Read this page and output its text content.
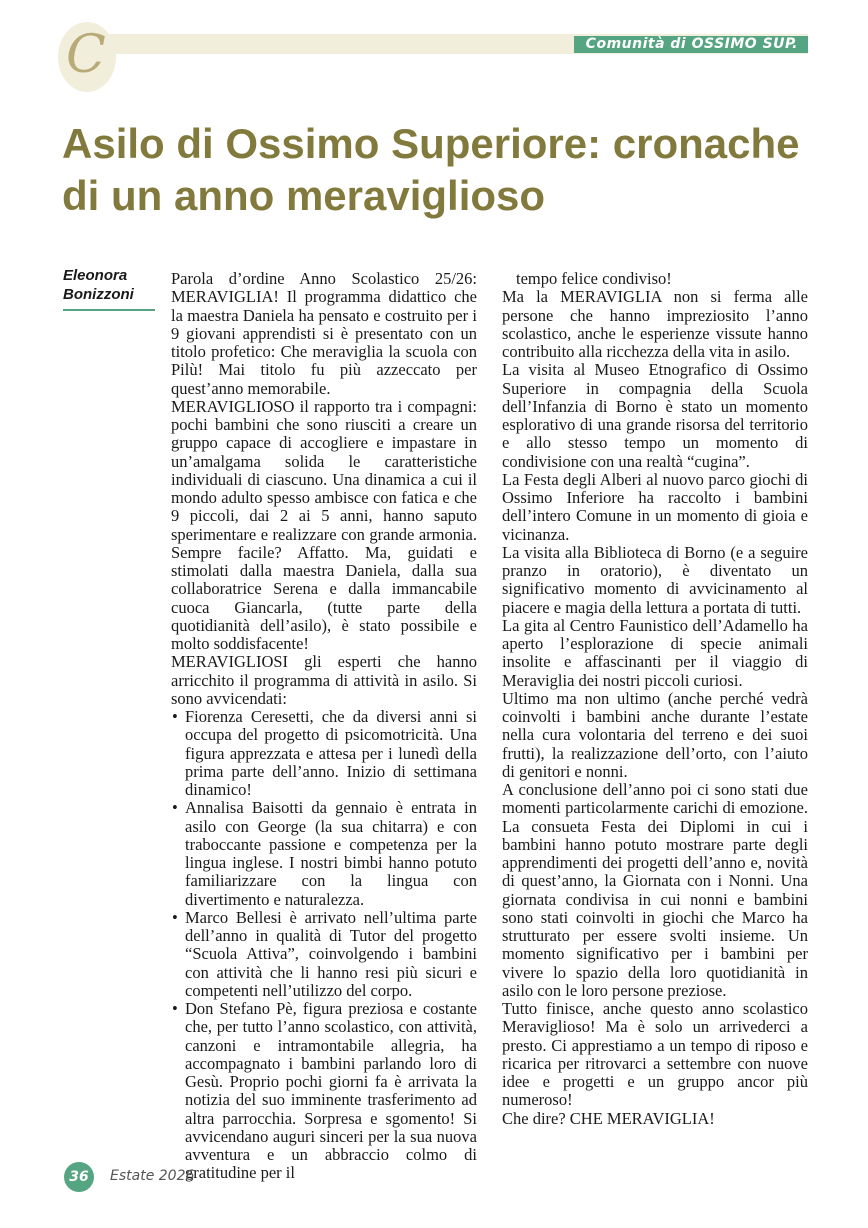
C	Comunità di OSSIMO SUP.
Asilo di Ossimo Superiore: cronache di un anno meraviglioso
Eleonora Bonizzoni

Parola d’ordine Anno Scolastico 25/26: MERAVIGLIA! Il programma didattico che la maestra Daniela ha pensato e costruito per i 9 giovani apprendisti si è presentato con un titolo profetico: Che meraviglia la scuola con Pilù! Mai titolo fu più azzeccato per quest’anno memorabile.

MERAVIGLIOSO il rapporto tra i compagni: pochi bambini che sono riusciti a creare un gruppo capace di accogliere e impastare in un’amalgama solida le caratteristiche individuali di ciascuno. Una dinamica a cui il mondo adulto spesso ambisce con fatica e che 9 piccoli, dai 2 ai 5 anni, hanno saputo sperimentare e realizzare con grande armonia. Sempre facile? Affatto. Ma, guidati e stimolati dalla maestra Daniela, dalla sua collaboratrice Serena e dalla immancabile cuoca Giancarla, (tutte parte della quotidianità dell’asilo), è stato possibile e molto soddisfacente!

MERAVIGLIOSI gli esperti che hanno arricchito il programma di attività in asilo. Si sono avvicendati:

• Fiorenza Ceresetti, che da diversi anni si occupa del progetto di psicomotricità. Una figura apprezzata e attesa per i lunedì della prima parte dell’anno. Inizio di settimana dinamico!
• Annalisa Baisotti da gennaio è entrata in asilo con George (la sua chitarra) e con traboccante passione e competenza per la lingua inglese. I nostri bimbi hanno potuto familiarizzare con la lingua con divertimento e naturalezza.
• Marco Bellesi è arrivato nell’ultima parte dell’anno in qualità di Tutor del progetto “Scuola Attiva”, coinvolgendo i bambini con attività che li hanno resi più sicuri e competenti nell’utilizzo del corpo.
• Don Stefano Pè, figura preziosa e costante che, per tutto l’anno scolastico, con attività, canzoni e intramontabile allegria, ha accompagnato i bambini parlando loro di Gesù. Proprio pochi giorni fa è arrivata la notizia del suo imminente trasferimento ad altra parrocchia. Sorpresa e sgomento! Si avvicendano auguri sinceri per la sua nuova avventura e un abbraccio colmo di gratitudine per il

tempo felice condiviso!

Ma la MERAVIGLIA non si ferma alle persone che hanno impreziosito l’anno scolastico, anche le esperienze vissute hanno contribuito alla ricchezza della vita in asilo.

La visita al Museo Etnografico di Ossimo Superiore in compagnia della Scuola dell’Infanzia di Borno è stato un momento esplorativo di una grande risorsa del territorio e allo stesso tempo un momento di condivisione con una realtà “cugina”.

La Festa degli Alberi al nuovo parco giochi di Ossimo Inferiore ha raccolto i bambini dell’intero Comune in un momento di gioia e vicinanza.

La visita alla Biblioteca di Borno (e a seguire pranzo in oratorio), è diventato un significativo momento di avvicinamento al piacere e magia della lettura a portata di tutti.

La gita al Centro Faunistico dell’Adamello ha aperto l’esplorazione di specie animali insolite e affascinanti per il viaggio di Meraviglia dei nostri piccoli curiosi.

Ultimo ma non ultimo (anche perché vedrà coinvolti i bambini anche durante l’estate nella cura volontaria del terreno e dei suoi frutti), la realizzazione dell’orto, con l’aiuto di genitori e nonni.

A conclusione dell’anno poi ci sono stati due momenti particolarmente carichi di emozione. La consueta Festa dei Diplomi in cui i bambini hanno potuto mostrare parte degli apprendimenti dei progetti dell’anno e, novità di quest’anno, la Giornata con i Nonni. Una giornata condivisa in cui nonni e bambini sono stati coinvolti in giochi che Marco ha strutturato per essere svolti insieme. Un momento significativo per i bambini per vivere lo spazio della loro quotidianità in asilo con le loro persone preziose.

Tutto finisce, anche questo anno scolastico Meraviglioso! Ma è solo un arrivederci a presto. Ci apprestiamo a un tempo di riposo e ricarica per ritrovarci a settembre con nuove idee e progetti e un gruppo ancor più numeroso!

Che dire? CHE MERAVIGLIA!

36	Estate 2026
